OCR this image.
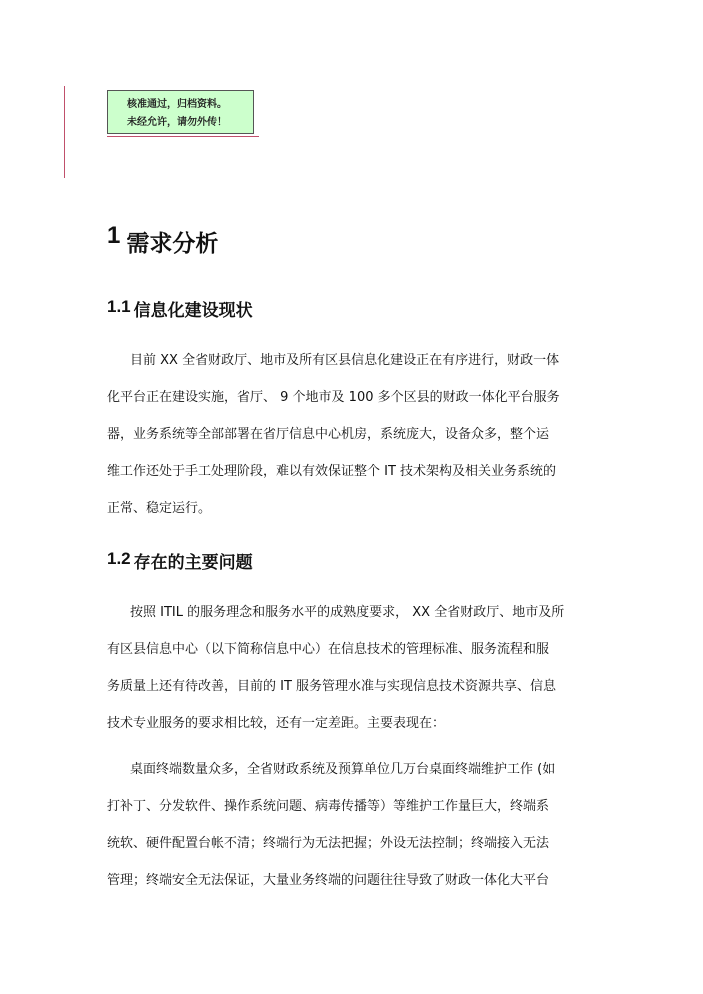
核准通过，归档资料。
未经允许，请勿外传！
1 需求分析
1.1 信息化建设现状
目前 XX 全省财政厅、地市及所有区县信息化建设正在有序进行，财政一体
化平台正在建设实施，省厅、 9 个地市及 100 多个区县的财政一体化平台服务
器，业务系统等全部部署在省厅信息中心机房，系统庞大，设备众多，整个运
维工作还处于手工处理阶段，难以有效保证整个 IT 技术架构及相关业务系统的
正常、稳定运行。
1.2 存在的主要问题
按照 ITIL 的服务理念和服务水平的成熟度要求， XX 全省财政厅、地市及所
有区县信息中心（以下简称信息中心）在信息技术的管理标准、服务流程和服
务质量上还有待改善，目前的 IT 服务管理水准与实现信息技术资源共享、信息
技术专业服务的要求相比较，还有一定差距。主要表现在：
桌面终端数量众多，全省财政系统及预算单位几万台桌面终端维护工作 (如
打补丁、分发软件、操作系统问题、病毒传播等）等维护工作量巨大，终端系
统软、硬件配置台帐不清；终端行为无法把握；外设无法控制；终端接入无法
管理；终端安全无法保证，大量业务终端的问题往往导致了财政一体化大平台
